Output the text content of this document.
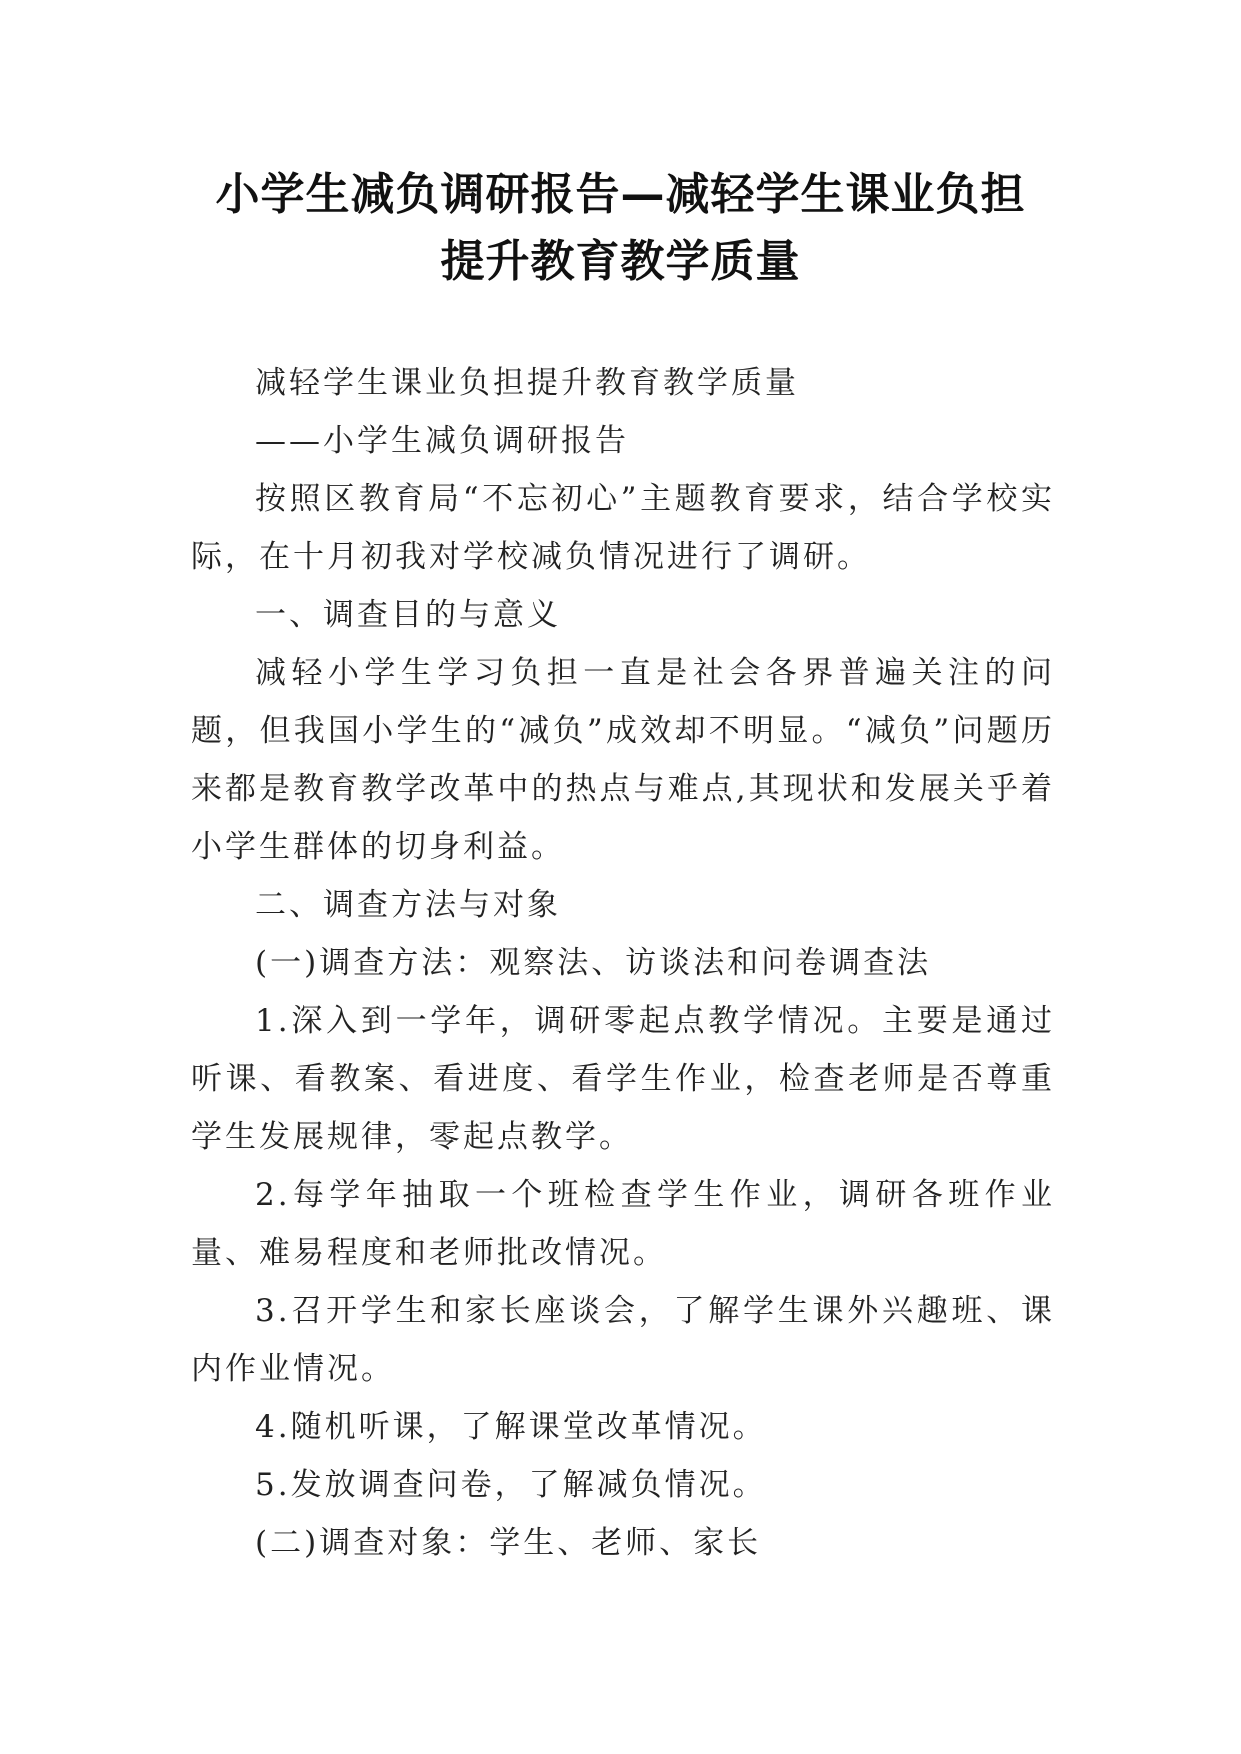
小学生减负调研报告—减轻学生课业负担
提升教育教学质量

减轻学生课业负担提升教育教学质量

——小学生减负调研报告

按照区教育局“不忘初心”主题教育要求，结合学校实际，在十月初我对学校减负情况进行了调研。

一、调查目的与意义

减轻小学生学习负担一直是社会各界普遍关注的问题，但我国小学生的“减负”成效却不明显。“减负”问题历来都是教育教学改革中的热点与难点,其现状和发展关乎着小学生群体的切身利益。

二、调查方法与对象

(一)调查方法：观察法、访谈法和问卷调查法

1.深入到一学年，调研零起点教学情况。主要是通过听课、看教案、看进度、看学生作业，检查老师是否尊重学生发展规律，零起点教学。

2.每学年抽取一个班检查学生作业，调研各班作业量、难易程度和老师批改情况。

3.召开学生和家长座谈会，了解学生课外兴趣班、课内作业情况。

4.随机听课，了解课堂改革情况。

5.发放调查问卷，了解减负情况。

(二)调查对象：学生、老师、家长
